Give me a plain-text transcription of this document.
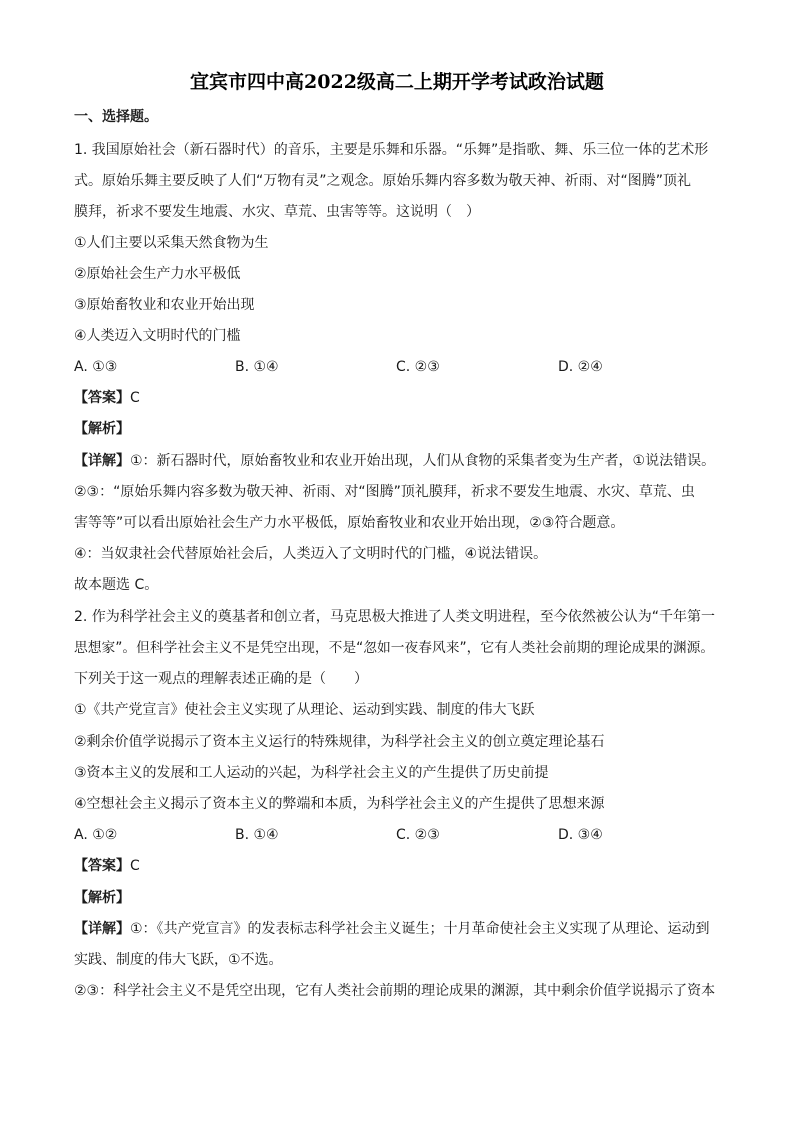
宜宾市四中高2022级高二上期开学考试政治试题
一、选择题。
1. 我国原始社会（新石器时代）的音乐，主要是乐舞和乐器。“乐舞”是指歌、舞、乐三位一体的艺术形
式。原始乐舞主要反映了人们“万物有灵”之观念。原始乐舞内容多数为敬天神、祈雨、对“图腾”顶礼
膜拜，祈求不要发生地震、水灾、草荒、虫害等等。这说明（　）
①人们主要以采集天然食物为生
②原始社会生产力水平极低
③原始畜牧业和农业开始出现
④人类迈入文明时代的门槛
A. ①③	B. ①④	C. ②③	D. ②④
【答案】C
【解析】
【详解】①：新石器时代，原始畜牧业和农业开始出现，人们从食物的采集者变为生产者，①说法错误。
②③：“原始乐舞内容多数为敬天神、祈雨、对“图腾”顶礼膜拜，祈求不要发生地震、水灾、草荒、虫
害等等”可以看出原始社会生产力水平极低，原始畜牧业和农业开始出现，②③符合题意。
④：当奴隶社会代替原始社会后，人类迈入了文明时代的门槛，④说法错误。
故本题选 C。
2. 作为科学社会主义的奠基者和创立者，马克思极大推进了人类文明进程，至今依然被公认为“千年第一
思想家”。但科学社会主义不是凭空出现，不是“忽如一夜春风来”，它有人类社会前期的理论成果的渊源。
下列关于这一观点的理解表述正确的是（　　）
①《共产党宣言》使社会主义实现了从理论、运动到实践、制度的伟大飞跃
②剩余价值学说揭示了资本主义运行的特殊规律，为科学社会主义的创立奠定理论基石
③资本主义的发展和工人运动的兴起，为科学社会主义的产生提供了历史前提
④空想社会主义揭示了资本主义的弊端和本质，为科学社会主义的产生提供了思想来源
A. ①②	B. ①④	C. ②③	D. ③④
【答案】C
【解析】
【详解】①：《共产党宣言》的发表标志科学社会主义诞生；十月革命使社会主义实现了从理论、运动到
实践、制度的伟大飞跃，①不选。
②③：科学社会主义不是凭空出现，它有人类社会前期的理论成果的渊源，其中剩余价值学说揭示了资本
